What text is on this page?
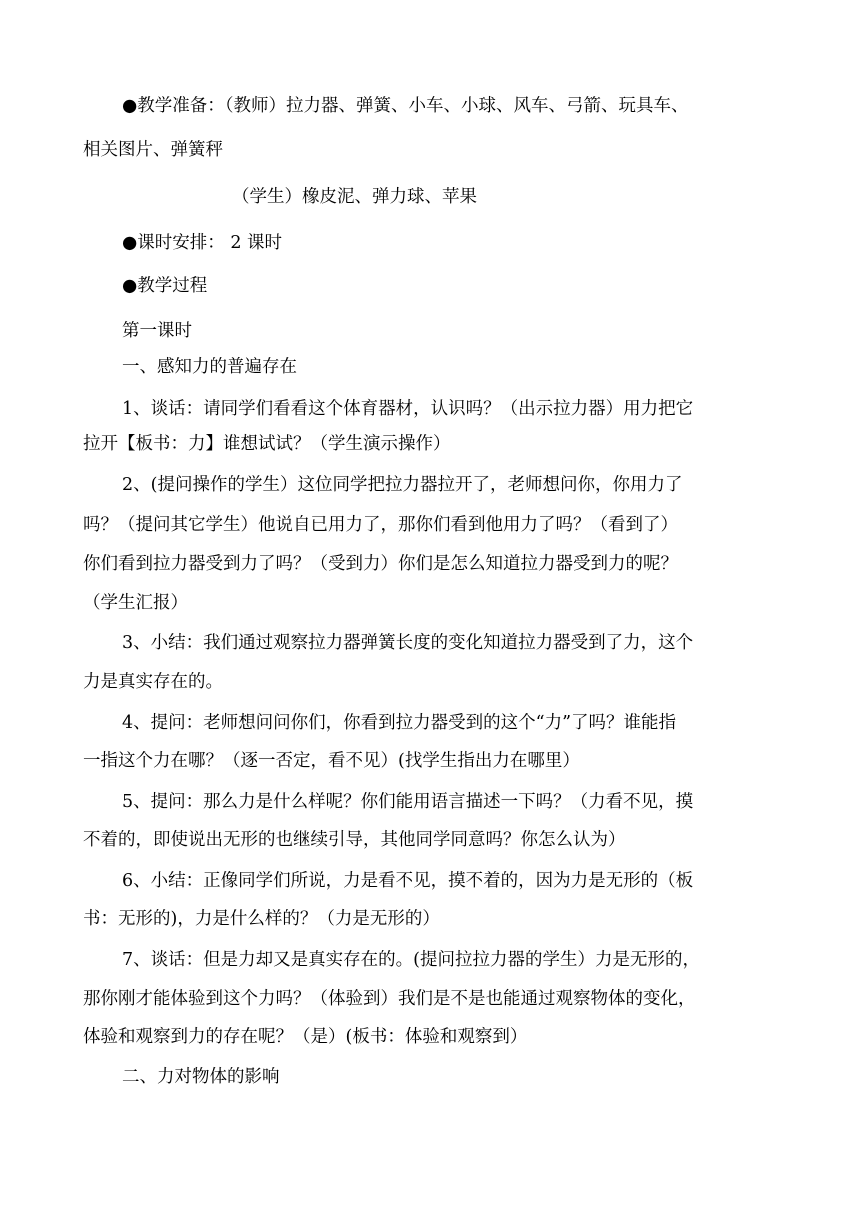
●教学准备：（教师）拉力器、弹簧、小车、小球、风车、弓箭、玩具车、
相关图片、弹簧秤
（学生）橡皮泥、弹力球、苹果
●课时安排： 2 课时
●教学过程
第一课时
一、感知力的普遍存在
1、谈话：请同学们看看这个体育器材，认识吗？（出示拉力器）用力把它
拉开【板书：力】谁想试试？（学生演示操作）
2、(提问操作的学生）这位同学把拉力器拉开了，老师想问你，你用力了
吗？（提问其它学生）他说自已用力了，那你们看到他用力了吗？（看到了）
你们看到拉力器受到力了吗？（受到力）你们是怎么知道拉力器受到力的呢？
（学生汇报）
3、小结：我们通过观察拉力器弹簧长度的变化知道拉力器受到了力，这个
力是真实存在的。
4、提问：老师想问问你们，你看到拉力器受到的这个“力”了吗？谁能指
一指这个力在哪？（逐一否定，看不见）(找学生指出力在哪里）
5、提问：那么力是什么样呢？你们能用语言描述一下吗？（力看不见，摸
不着的，即使说出无形的也继续引导，其他同学同意吗？你怎么认为）
6、小结：正像同学们所说，力是看不见，摸不着的，因为力是无形的（板
书：无形的)，力是什么样的？（力是无形的）
7、谈话：但是力却又是真实存在的。(提问拉拉力器的学生）力是无形的，
那你刚才能体验到这个力吗？（体验到）我们是不是也能通过观察物体的变化，
体验和观察到力的存在呢？（是）(板书：体验和观察到）
二、力对物体的影响
